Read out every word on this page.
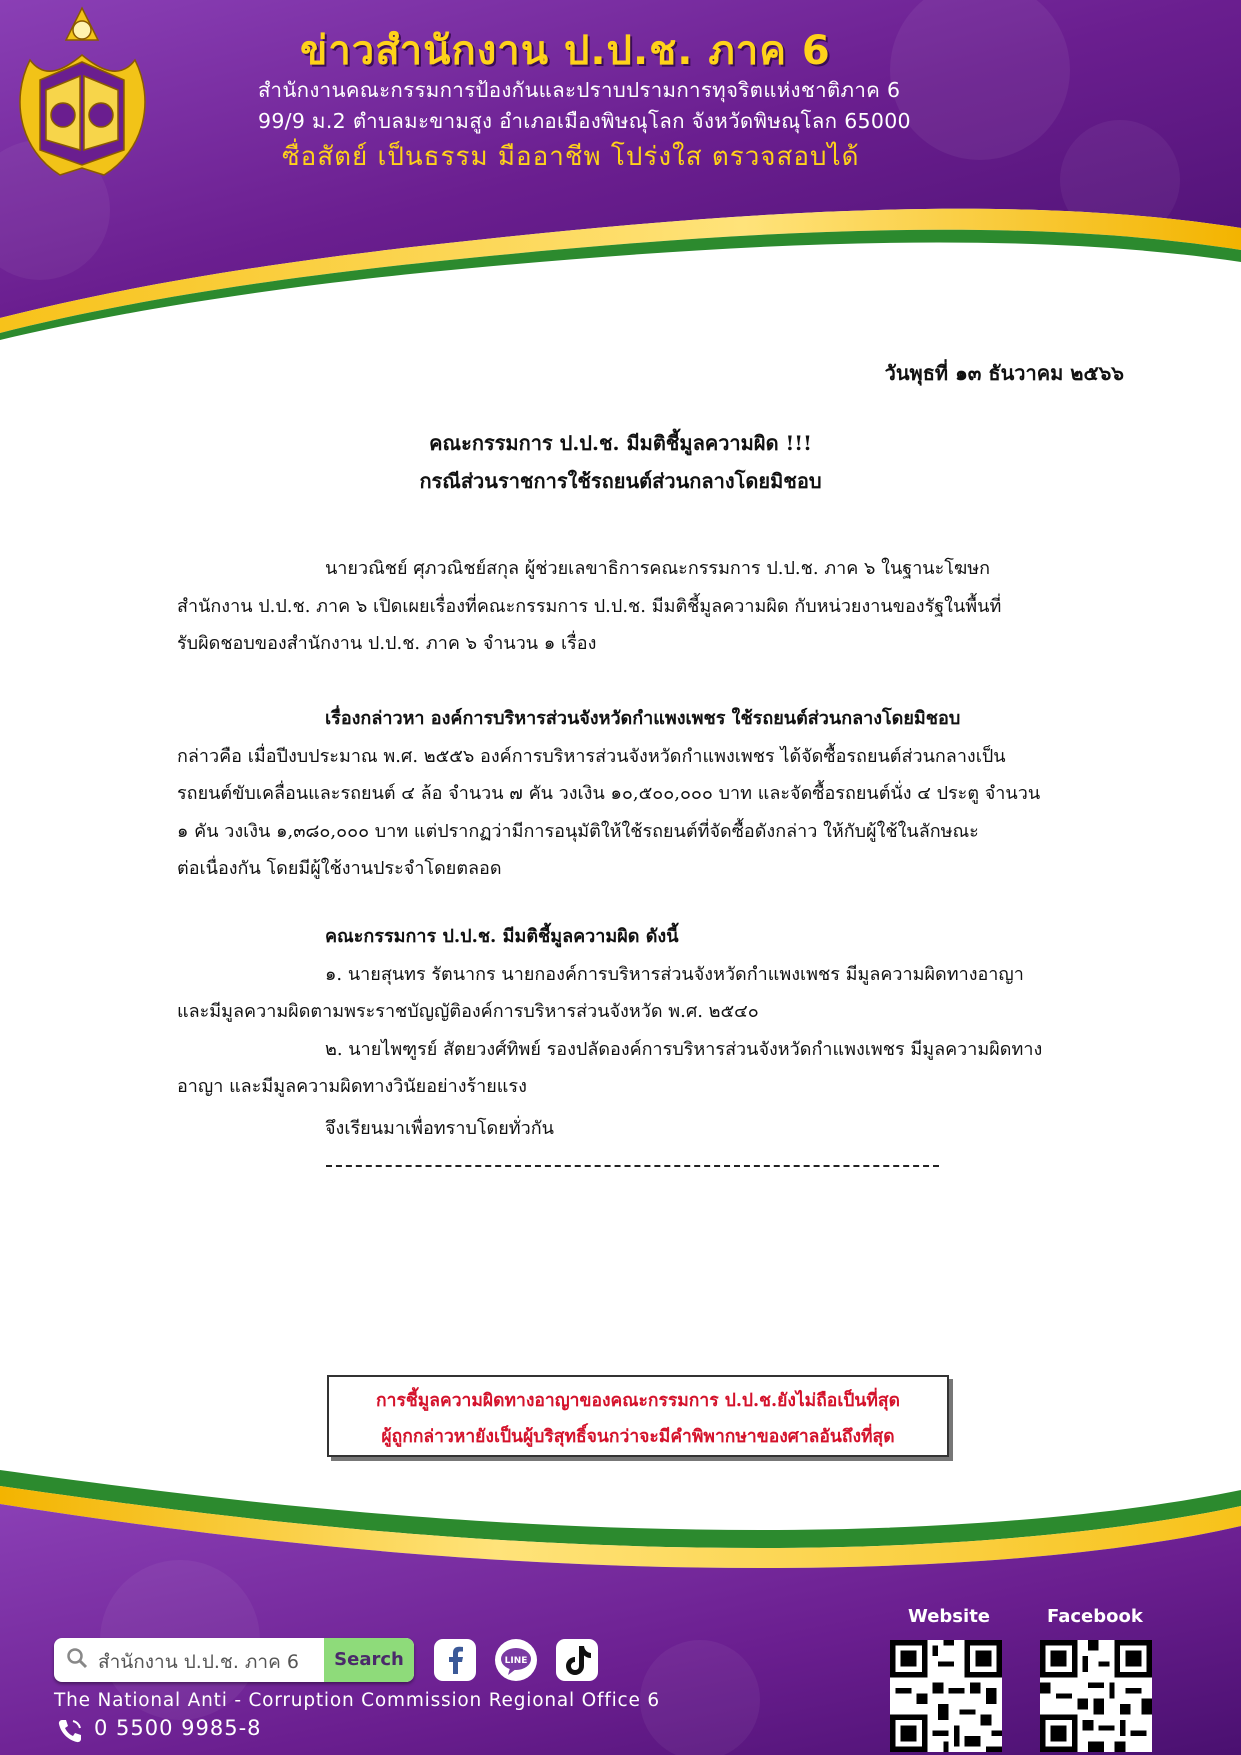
ข่าวสำนักงาน ป.ป.ช. ภาค 6
สำนักงานคณะกรรมการป้องกันและปราบปรามการทุจริตแห่งชาติภาค 6
99/9 ม.2 ตำบลมะขามสูง อำเภอเมืองพิษณุโลก จังหวัดพิษณุโลก 65000
ซื่อสัตย์ เป็นธรรม มืออาชีพ โปร่งใส ตรวจสอบได้
วันพุธที่ ๑๓ ธันวาคม ๒๕๖๖
คณะกรรมการ ป.ป.ช. มีมติชี้มูลความผิด !!!
กรณีส่วนราชการใช้รถยนต์ส่วนกลางโดยมิชอบ

นายวณิชย์ ศุภวณิชย์สกุล ผู้ช่วยเลขาธิการคณะกรรมการ ป.ป.ช. ภาค ๖ ในฐานะโฆษก

สำนักงาน ป.ป.ช. ภาค ๖ เปิดเผยเรื่องที่คณะกรรมการ ป.ป.ช. มีมติชี้มูลความผิด กับหน่วยงานของรัฐในพื้นที่

รับผิดชอบของสำนักงาน ป.ป.ช. ภาค ๖ จำนวน ๑ เรื่อง

เรื่องกล่าวหา องค์การบริหารส่วนจังหวัดกำแพงเพชร ใช้รถยนต์ส่วนกลางโดยมิชอบ

กล่าวคือ เมื่อปีงบประมาณ พ.ศ. ๒๕๕๖ องค์การบริหารส่วนจังหวัดกำแพงเพชร ได้จัดซื้อรถยนต์ส่วนกลางเป็น

รถยนต์ขับเคลื่อนและรถยนต์ ๔ ล้อ จำนวน ๗ คัน วงเงิน ๑๐,๕๐๐,๐๐๐ บาท และจัดซื้อรถยนต์นั่ง ๔ ประตู จำนวน

๑ คัน วงเงิน ๑,๓๘๐,๐๐๐ บาท แต่ปรากฏว่ามีการอนุมัติให้ใช้รถยนต์ที่จัดซื้อดังกล่าว ให้กับผู้ใช้ในลักษณะ

ต่อเนื่องกัน โดยมีผู้ใช้งานประจำโดยตลอด

คณะกรรมการ ป.ป.ช. มีมติชี้มูลความผิด ดังนี้

๑. นายสุนทร รัตนากร นายกองค์การบริหารส่วนจังหวัดกำแพงเพชร มีมูลความผิดทางอาญา

และมีมูลความผิดตามพระราชบัญญัติองค์การบริหารส่วนจังหวัด พ.ศ. ๒๕๔๐

๒. นายไพฑูรย์ สัตยวงศ์ทิพย์ รองปลัดองค์การบริหารส่วนจังหวัดกำแพงเพชร มีมูลความผิดทาง

อาญา และมีมูลความผิดทางวินัยอย่างร้ายแรง

จึงเรียนมาเพื่อทราบโดยทั่วกัน

การชี้มูลความผิดทางอาญาของคณะกรรมการ ป.ป.ช.ยังไม่ถือเป็นที่สุด
ผู้ถูกกล่าวหายังเป็นผู้บริสุทธิ์จนกว่าจะมีคำพิพากษาของศาลอันถึงที่สุด
สำนักงาน ป.ป.ช. ภาค 6	Search	LINE
The National Anti - Corruption Commission Regional Office 6
0 5500 9985-8
Website	Facebook
